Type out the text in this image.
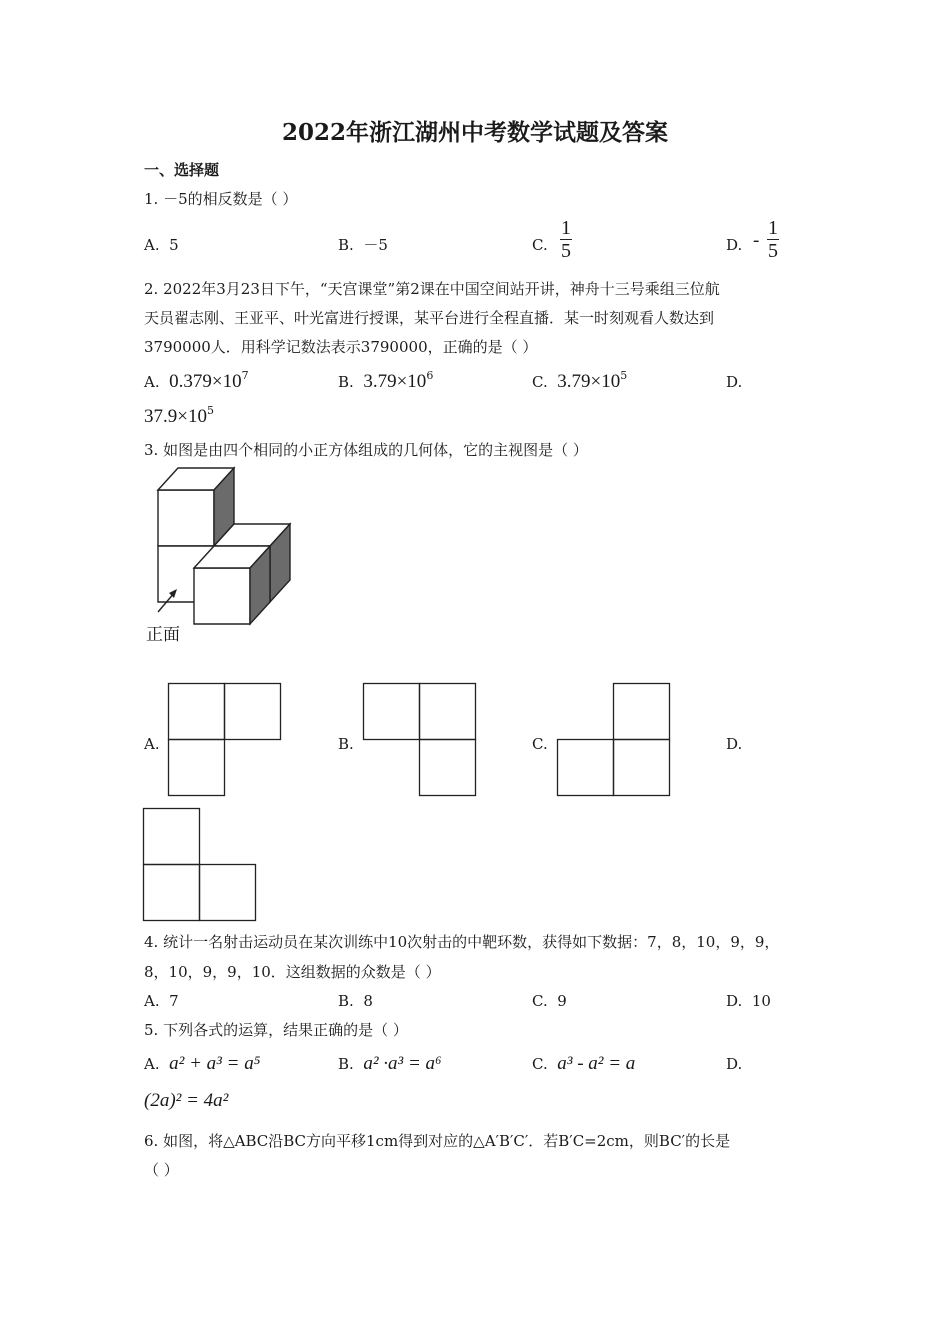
2022年浙江湖州中考数学试题及答案
一、选择题
1. －5的相反数是（ ）
A. 5	B. －5	C.
1
5	D. -
1
5
2. 2022年3月23日下午，“天宫课堂”第2课在中国空间站开讲，神舟十三号乘组三位航
天员翟志刚、王亚平、叶光富进行授课，某平台进行全程直播．某一时刻观看人数达到
3790000人．用科学记数法表示3790000，正确的是（ ）
A. $0.379\times 10^7$	B. $3.79\times 10^6$	C. $3.79\times 10^5$	D.
$37.9\times 10^5$
3. 如图是由四个相同的小正方体组成的几何体，它的主视图是（ ）
正面
A.	B.	C.	D.
4. 统计一名射击运动员在某次训练中10次射击的中靶环数，获得如下数据：7，8，10，9，9，
8，10，9，9，10．这组数据的众数是（ ）
A. 7	B. 8	C. 9	D. 10
5. 下列各式的运算，结果正确的是（ ）
A. a² + a³ = a⁵	B. a² ·a³ = a⁶	C. a³ - a² = a	D.
(2a)² = 4a²
6. 如图，将△ABC沿BC方向平移1cm得到对应的△A′B′C′．若B′C=2cm，则BC′的长是
（ ）
